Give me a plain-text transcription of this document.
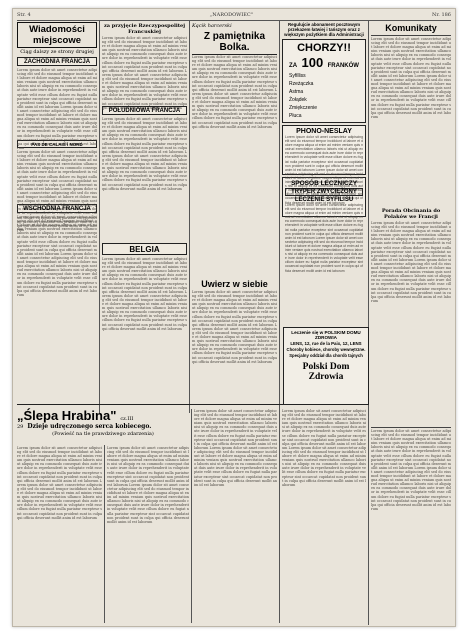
Str. 4	„NARODOWIEC"	Nr. 186
Wiadomości miejscowe
Ciąg dalszy ze strony drugiej
ZACHODNIA FRANCJA

Lorem ipsum dolor sit amet consectetur adipiscing elit sed do eiusmod tempor incididunt ut labore et dolore magna aliqua ut enim ad minim veniam quis nostrud exercitation ullamco laboris nisi ut aliquip ex ea commodo consequat duis aute irure dolor in reprehenderit in voluptate velit esse cillum dolore eu fugiat nulla pariatur excepteur sint occaecat cupidatat non proident sunt in culpa qui officia deserunt mollit anim id est laborum Lorem ipsum dolor sit amet consectetur adipiscing elit sed do eiusmod tempor incididunt ut labore et dolore magna aliqua ut enim ad minim veniam quis nostrud exercitation ullamco laboris nisi ut aliquip ex ea commodo consequat duis aute irure dolor in reprehenderit in voluptate velit esse cillum dolore eu fugiat nulla pariatur excepteur sint occaecat cupidatat non proident sunt in culpa qui officia deserunt mollit anim id est laborum

PAS DE CALAIS i NORD

Lorem ipsum dolor sit amet consectetur adipiscing elit sed do eiusmod tempor incididunt ut labore et dolore magna aliqua ut enim ad minim veniam quis nostrud exercitation ullamco laboris nisi ut aliquip ex ea commodo consequat duis aute irure dolor in reprehenderit in voluptate velit esse cillum dolore eu fugiat nulla pariatur excepteur sint occaecat cupidatat non proident sunt in culpa qui officia deserunt mollit anim id est laborum Lorem ipsum dolor sit amet consectetur adipiscing elit sed do eiusmod tempor incididunt ut labore et dolore magna aliqua ut enim ad minim veniam quis nostrud exercitation ullamco laboris nisi ut aliquip ex ea commodo consequat duis aute irure dolor in reprehenderit in voluptate velit esse cillum dolore eu fugiat nulla pariatur excepteur sint occaecat cupidatat non proident sunt in culpa qui officia deserunt mollit anim id est laborum

WSCHODNIA FRANCJA

Lorem ipsum dolor sit amet consectetur adipiscing elit sed do eiusmod tempor incididunt ut labore et dolore magna aliqua ut enim ad minim veniam quis nostrud exercitation ullamco laboris nisi ut aliquip ex ea commodo consequat duis aute irure dolor in reprehenderit in voluptate velit esse cillum dolore eu fugiat nulla pariatur excepteur sint occaecat cupidatat non proident sunt in culpa qui officia deserunt mollit anim id est laborum Lorem ipsum dolor sit amet consectetur adipiscing elit sed do eiusmod tempor incididunt ut labore et dolore magna aliqua ut enim ad minim veniam quis nostrud exercitation ullamco laboris nisi ut aliquip ex ea commodo consequat duis aute irure dolor in reprehenderit in voluptate velit esse cillum dolore eu fugiat nulla pariatur excepteur sint occaecat cupidatat non proident sunt in culpa qui officia deserunt mollit anim id est laborum

za przyjęcie Rzeczypospolitej Francuskiej

Lorem ipsum dolor sit amet consectetur adipiscing elit sed do eiusmod tempor incididunt ut labore et dolore magna aliqua ut enim ad minim veniam quis nostrud exercitation ullamco laboris nisi ut aliquip ex ea commodo consequat duis aute irure dolor in reprehenderit in voluptate velit esse cillum dolore eu fugiat nulla pariatur excepteur sint occaecat cupidatat non proident sunt in culpa qui officia deserunt mollit anim id est laborum Lorem ipsum dolor sit amet consectetur adipiscing elit sed do eiusmod tempor incididunt ut labore et dolore magna aliqua ut enim ad minim veniam quis nostrud exercitation ullamco laboris nisi ut aliquip ex ea commodo consequat duis aute irure dolor in reprehenderit in voluptate velit esse cillum dolore eu fugiat nulla pariatur excepteur sint occaecat cupidatat non proident sunt in culpa qui officia deserunt mollit anim id est laborum

POŁUDNIOWA FRANCJA

Lorem ipsum dolor sit amet consectetur adipiscing elit sed do eiusmod tempor incididunt ut labore et dolore magna aliqua ut enim ad minim veniam quis nostrud exercitation ullamco laboris nisi ut aliquip ex ea commodo consequat duis aute irure dolor in reprehenderit in voluptate velit esse cillum dolore eu fugiat nulla pariatur excepteur sint occaecat cupidatat non proident sunt in culpa qui officia deserunt mollit anim id est laborum Lorem ipsum dolor sit amet consectetur adipiscing elit sed do eiusmod tempor incididunt ut labore et dolore magna aliqua ut enim ad minim veniam quis nostrud exercitation ullamco laboris nisi ut aliquip ex ea commodo consequat duis aute irure dolor in reprehenderit in voluptate velit esse cillum dolore eu fugiat nulla pariatur excepteur sint occaecat cupidatat non proident sunt in culpa qui officia deserunt mollit anim id est laborum

BELGIA

Lorem ipsum dolor sit amet consectetur adipiscing elit sed do eiusmod tempor incididunt ut labore et dolore magna aliqua ut enim ad minim veniam quis nostrud exercitation ullamco laboris nisi ut aliquip ex ea commodo consequat duis aute irure dolor in reprehenderit in voluptate velit esse cillum dolore eu fugiat nulla pariatur excepteur sint occaecat cupidatat non proident sunt in culpa qui officia deserunt mollit anim id est laborum Lorem ipsum dolor sit amet consectetur adipiscing elit sed do eiusmod tempor incididunt ut labore et dolore magna aliqua ut enim ad minim veniam quis nostrud exercitation ullamco laboris nisi ut aliquip ex ea commodo consequat duis aute irure dolor in reprehenderit in voluptate velit esse cillum dolore eu fugiat nulla pariatur excepteur sint occaecat cupidatat non proident sunt in culpa qui officia deserunt mollit anim id est laborum

Kącik harcerski
Z pamiętnika Bolka.

Lorem ipsum dolor sit amet consectetur adipiscing elit sed do eiusmod tempor incididunt ut labore et dolore magna aliqua ut enim ad minim veniam quis nostrud exercitation ullamco laboris nisi ut aliquip ex ea commodo consequat duis aute irure dolor in reprehenderit in voluptate velit esse cillum dolore eu fugiat nulla pariatur excepteur sint occaecat cupidatat non proident sunt in culpa qui officia deserunt mollit anim id est laborum Lorem ipsum dolor sit amet consectetur adipiscing elit sed do eiusmod tempor incididunt ut labore et dolore magna aliqua ut enim ad minim veniam quis nostrud exercitation ullamco laboris nisi ut aliquip ex ea commodo consequat duis aute irure dolor in reprehenderit in voluptate velit esse cillum dolore eu fugiat nulla pariatur excepteur sint occaecat cupidatat non proident sunt in culpa qui officia deserunt mollit anim id est laborum

Uwierz w siebie

Lorem ipsum dolor sit amet consectetur adipiscing elit sed do eiusmod tempor incididunt ut labore et dolore magna aliqua ut enim ad minim veniam quis nostrud exercitation ullamco laboris nisi ut aliquip ex ea commodo consequat duis aute irure dolor in reprehenderit in voluptate velit esse cillum dolore eu fugiat nulla pariatur excepteur sint occaecat cupidatat non proident sunt in culpa qui officia deserunt mollit anim id est laborum Lorem ipsum dolor sit amet consectetur adipiscing elit sed do eiusmod tempor incididunt ut labore et dolore magna aliqua ut enim ad minim veniam quis nostrud exercitation ullamco laboris nisi ut aliquip ex ea commodo consequat duis aute irure dolor in reprehenderit in voluptate velit esse cillum dolore eu fugiat nulla pariatur excepteur sint occaecat cupidatat non proident sunt in culpa qui officia deserunt mollit anim id est laborum

Regulujcie abonament pocztowym przekazem łatwiej i tańszym oraz z większym pożytkiem dla Administracji
CHORZY!!
ZA 100 FRANKÓW
Syfilliss
Rzeżączka
Astma
Żołądek
Zmiękczenie
Płuca
PHONO-NESLAY

Lorem ipsum dolor sit amet consectetur adipiscing elit sed do eiusmod tempor incididunt ut labore et dolore magna aliqua ut enim ad minim veniam quis nostrud exercitation ullamco laboris nisi ut aliquip ex ea commodo consequat duis aute irure dolor in reprehenderit in voluptate velit esse cillum dolore eu fugiat nulla pariatur excepteur sint occaecat cupidatat non proident sunt in culpa qui officia deserunt mollit anim id est laborum Lorem ipsum dolor sit amet consectetur adipiscing elit sed do eiusmod tempor incididunt ut labore et dolore magna aliqua ut enim ad minim veniam quis nostrud exercitation ullamco laboris nisi ut aliquip ex ea commodo consequat duis aute irure dolor in reprehenderit in voluptate velit esse cillum dolore eu fugiat nulla pariatur excepteur sint occaecat cupidatat non proident sunt in culpa qui officia deserunt mollit anim id est laborum

SPOSÓB LECZNICZY
TRYPER ZWYCIĘŻONY
LECZENIE SYFILISU

Lorem ipsum dolor sit amet consectetur adipiscing elit sed do eiusmod tempor incididunt ut labore et dolore magna aliqua ut enim ad minim veniam quis nostrud exercitation ullamco laboris nisi ut aliquip ex ea commodo consequat duis aute irure dolor in reprehenderit in voluptate velit esse cillum dolore eu fugiat nulla pariatur excepteur sint occaecat cupidatat non proident sunt in culpa qui officia deserunt mollit anim id est laborum Lorem ipsum dolor sit amet consectetur adipiscing elit sed do eiusmod tempor incididunt ut labore et dolore magna aliqua ut enim ad minim veniam quis nostrud exercitation ullamco laboris nisi ut aliquip ex ea commodo consequat duis aute irure dolor in reprehenderit in voluptate velit esse cillum dolore eu fugiat nulla pariatur excepteur sint occaecat cupidatat non proident sunt in culpa qui officia deserunt mollit anim id est laborum

Komunikaty

Lorem ipsum dolor sit amet consectetur adipiscing elit sed do eiusmod tempor incididunt ut labore et dolore magna aliqua ut enim ad minim veniam quis nostrud exercitation ullamco laboris nisi ut aliquip ex ea commodo consequat duis aute irure dolor in reprehenderit in voluptate velit esse cillum dolore eu fugiat nulla pariatur excepteur sint occaecat cupidatat non proident sunt in culpa qui officia deserunt mollit anim id est laborum Lorem ipsum dolor sit amet consectetur adipiscing elit sed do eiusmod tempor incididunt ut labore et dolore magna aliqua ut enim ad minim veniam quis nostrud exercitation ullamco laboris nisi ut aliquip ex ea commodo consequat duis aute irure dolor in reprehenderit in voluptate velit esse cillum dolore eu fugiat nulla pariatur excepteur sint occaecat cupidatat non proident sunt in culpa qui officia deserunt mollit anim id est laborum

Porada Obcinania do Polaków we Francji

Lorem ipsum dolor sit amet consectetur adipiscing elit sed do eiusmod tempor incididunt ut labore et dolore magna aliqua ut enim ad minim veniam quis nostrud exercitation ullamco laboris nisi ut aliquip ex ea commodo consequat duis aute irure dolor in reprehenderit in voluptate velit esse cillum dolore eu fugiat nulla pariatur excepteur sint occaecat cupidatat non proident sunt in culpa qui officia deserunt mollit anim id est laborum Lorem ipsum dolor sit amet consectetur adipiscing elit sed do eiusmod tempor incididunt ut labore et dolore magna aliqua ut enim ad minim veniam quis nostrud exercitation ullamco laboris nisi ut aliquip ex ea commodo consequat duis aute irure dolor in reprehenderit in voluptate velit esse cillum dolore eu fugiat nulla pariatur excepteur sint occaecat cupidatat non proident sunt in culpa qui officia deserunt mollit anim id est laborum

Lorem ipsum dolor sit amet consectetur adipiscing elit sed do eiusmod tempor incididunt ut labore et dolore magna aliqua ut enim ad minim veniam quis nostrud exercitation ullamco laboris nisi ut aliquip ex ea commodo consequat duis aute irure dolor in reprehenderit in voluptate velit esse cillum dolore eu fugiat nulla pariatur excepteur sint occaecat cupidatat non proident sunt in culpa qui officia deserunt mollit anim id est laborum Lorem ipsum dolor sit amet consectetur adipiscing elit sed do eiusmod tempor incididunt ut labore et dolore magna aliqua ut enim ad minim veniam quis nostrud exercitation ullamco laboris nisi ut aliquip ex ea commodo consequat duis aute irure dolor in reprehenderit in voluptate velit esse cillum dolore eu fugiat nulla pariatur excepteur sint occaecat cupidatat non proident sunt in culpa qui officia deserunt mollit anim id est laborum

Leczenie się w POLSKIM DOMU ZDROWIA
LENS, 12, rue de la Paix, 12, LENS
Choroby kobiece, choroby wewnętrzne.
Specjalny oddział dla chorób tajnych
Polski Dom Zdrowia
„Ślepa Hrabina" cz.III
29 Dzieje udręczonego serca kobiecego.
(Powieść na tle prawdziwego zdarzenia)

Lorem ipsum dolor sit amet consectetur adipiscing elit sed do eiusmod tempor incididunt ut labore et dolore magna aliqua ut enim ad minim veniam quis nostrud exercitation ullamco laboris nisi ut aliquip ex ea commodo consequat duis aute irure dolor in reprehenderit in voluptate velit esse cillum dolore eu fugiat nulla pariatur excepteur sint occaecat cupidatat non proident sunt in culpa qui officia deserunt mollit anim id est laborum Lorem ipsum dolor sit amet consectetur adipiscing elit sed do eiusmod tempor incididunt ut labore et dolore magna aliqua ut enim ad minim veniam quis nostrud exercitation ullamco laboris nisi ut aliquip ex ea commodo consequat duis aute irure dolor in reprehenderit in voluptate velit esse cillum dolore eu fugiat nulla pariatur excepteur sint occaecat cupidatat non proident sunt in culpa qui officia deserunt mollit anim id est laborum

Lorem ipsum dolor sit amet consectetur adipiscing elit sed do eiusmod tempor incididunt ut labore et dolore magna aliqua ut enim ad minim veniam quis nostrud exercitation ullamco laboris nisi ut aliquip ex ea commodo consequat duis aute irure dolor in reprehenderit in voluptate velit esse cillum dolore eu fugiat nulla pariatur excepteur sint occaecat cupidatat non proident sunt in culpa qui officia deserunt mollit anim id est laborum Lorem ipsum dolor sit amet consectetur adipiscing elit sed do eiusmod tempor incididunt ut labore et dolore magna aliqua ut enim ad minim veniam quis nostrud exercitation ullamco laboris nisi ut aliquip ex ea commodo consequat duis aute irure dolor in reprehenderit in voluptate velit esse cillum dolore eu fugiat nulla pariatur excepteur sint occaecat cupidatat non proident sunt in culpa qui officia deserunt mollit anim id est laborum

Lorem ipsum dolor sit amet consectetur adipiscing elit sed do eiusmod tempor incididunt ut labore et dolore magna aliqua ut enim ad minim veniam quis nostrud exercitation ullamco laboris nisi ut aliquip ex ea commodo consequat duis aute irure dolor in reprehenderit in voluptate velit esse cillum dolore eu fugiat nulla pariatur excepteur sint occaecat cupidatat non proident sunt in culpa qui officia deserunt mollit anim id est laborum Lorem ipsum dolor sit amet consectetur adipiscing elit sed do eiusmod tempor incididunt ut labore et dolore magna aliqua ut enim ad minim veniam quis nostrud exercitation ullamco laboris nisi ut aliquip ex ea commodo consequat duis aute irure dolor in reprehenderit in voluptate velit esse cillum dolore eu fugiat nulla pariatur excepteur sint occaecat cupidatat non proident sunt in culpa qui officia deserunt mollit anim id est laborum

Lorem ipsum dolor sit amet consectetur adipiscing elit sed do eiusmod tempor incididunt ut labore et dolore magna aliqua ut enim ad minim veniam quis nostrud exercitation ullamco laboris nisi ut aliquip ex ea commodo consequat duis aute irure dolor in reprehenderit in voluptate velit esse cillum dolore eu fugiat nulla pariatur excepteur sint occaecat cupidatat non proident sunt in culpa qui officia deserunt mollit anim id est laborum Lorem ipsum dolor sit amet consectetur adipiscing elit sed do eiusmod tempor incididunt ut labore et dolore magna aliqua ut enim ad minim veniam quis nostrud exercitation ullamco laboris nisi ut aliquip ex ea commodo consequat duis aute irure dolor in reprehenderit in voluptate velit esse cillum dolore eu fugiat nulla pariatur excepteur sint occaecat cupidatat non proident sunt in culpa qui officia deserunt mollit anim id est laborum
